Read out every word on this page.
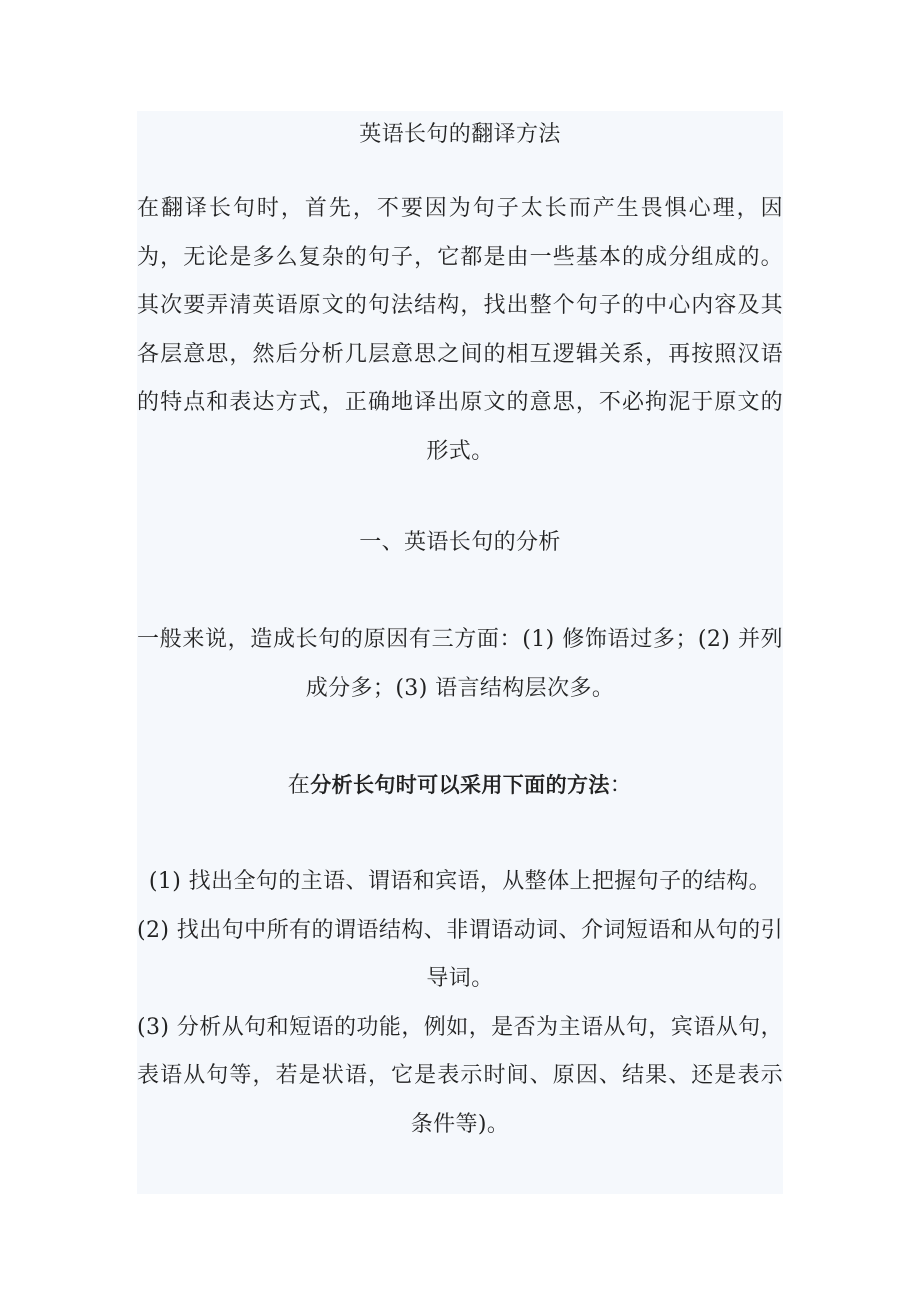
英语长句的翻译方法
在翻译长句时，首先，不要因为句子太长而产生畏惧心理，因为，无论是多么复杂的句子，它都是由一些基本的成分组成的。其次要弄清英语原文的句法结构，找出整个句子的中心内容及其各层意思，然后分析几层意思之间的相互逻辑关系，再按照汉语的特点和表达方式，正确地译出原文的意思，不必拘泥于原文的形式。
一、英语长句的分析
一般来说，造成长句的原因有三方面：(1) 修饰语过多；(2) 并列成分多；(3) 语言结构层次多。
在分析长句时可以采用下面的方法：
(1) 找出全句的主语、谓语和宾语，从整体上把握句子的结构。
(2) 找出句中所有的谓语结构、非谓语动词、介词短语和从句的引导词。
(3) 分析从句和短语的功能，例如，是否为主语从句，宾语从句，表语从句等，若是状语，它是表示时间、原因、结果、还是表示条件等)。
